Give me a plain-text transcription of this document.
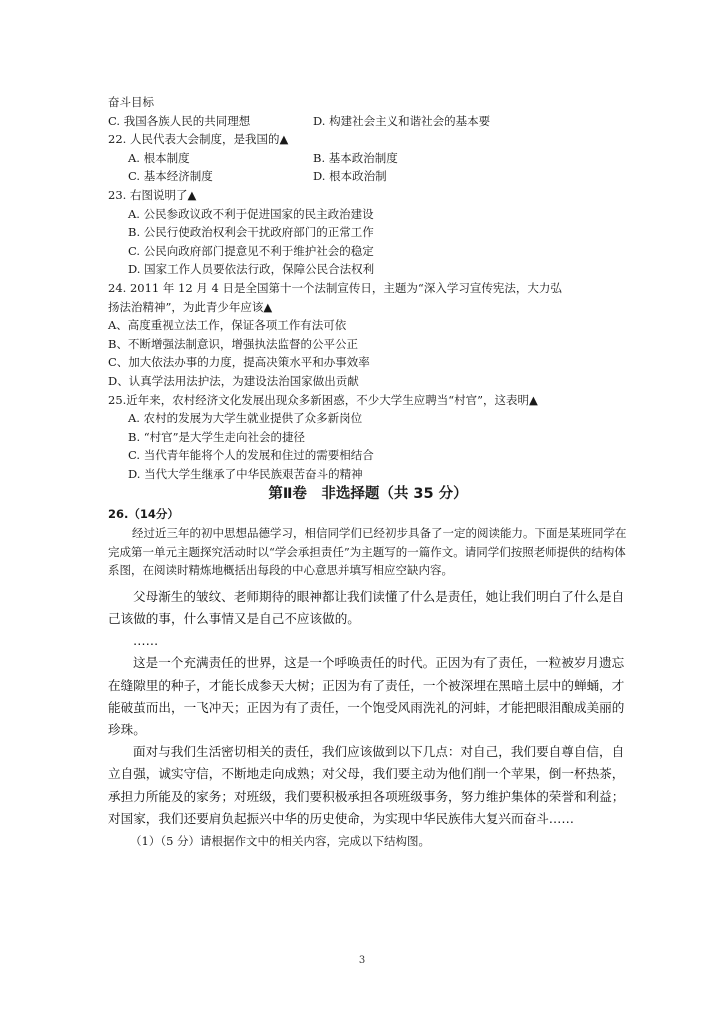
奋斗目标
C. 我国各族人民的共同理想	D. 构建社会主义和谐社会的基本要
22. 人民代表大会制度，是我国的▲
A. 根本制度	B. 基本政治制度
C. 基本经济制度	D. 根本政治制
23. 右图说明了▲
A. 公民参政议政不利于促进国家的民主政治建设
B. 公民行使政治权利会干扰政府部门的正常工作
C. 公民向政府部门提意见不利于维护社会的稳定
D. 国家工作人员要依法行政，保障公民合法权利
24. 2011 年 12 月 4 日是全国第十一个法制宣传日，主题为“深入学习宣传宪法，大力弘
扬法治精神”，为此青少年应该▲
A、高度重视立法工作，保证各项工作有法可依
B、不断增强法制意识，增强执法监督的公平公正
C、加大依法办事的力度，提高决策水平和办事效率
D、认真学法用法护法，为建设法治国家做出贡献
25.近年来，农村经济文化发展出现众多新困惑，不少大学生应聘当“村官”，这表明▲
A. 农村的发展为大学生就业提供了众多新岗位
B. “村官”是大学生走向社会的捷径
C. 当代青年能将个人的发展和住过的需要相结合
D. 当代大学生继承了中华民族艰苦奋斗的精神
第Ⅱ卷　非选择题（共 35 分）
26.（14分）
经过近三年的初中思想品德学习，相信同学们已经初步具备了一定的阅读能力。下面是某班同学在完成第一单元主题探究活动时以“学会承担责任”为主题写的一篇作文。请同学们按照老师提供的结构体系图，在阅读时精炼地概括出每段的中心意思并填写相应空缺内容。
父母渐生的皱纹、老师期待的眼神都让我们读懂了什么是责任，她让我们明白了什么是自己该做的事，什么事情又是自己不应该做的。
……
这是一个充满责任的世界，这是一个呼唤责任的时代。正因为有了责任，一粒被岁月遗忘在缝隙里的种子，才能长成参天大树；正因为有了责任，一个被深埋在黑暗土层中的蝉蛹，才能破茧而出，一飞冲天；正因为有了责任，一个饱受风雨洗礼的河蚌，才能把眼泪酿成美丽的珍珠。
面对与我们生活密切相关的责任，我们应该做到以下几点：对自己，我们要自尊自信，自立自强，诚实守信，不断地走向成熟；对父母，我们要主动为他们削一个苹果，倒一杯热茶，承担力所能及的家务；对班级，我们要积极承担各项班级事务，努力维护集体的荣誉和利益；对国家，我们还要肩负起振兴中华的历史使命，为实现中华民族伟大复兴而奋斗……
（1）（5 分）请根据作文中的相关内容，完成以下结构图。
3
